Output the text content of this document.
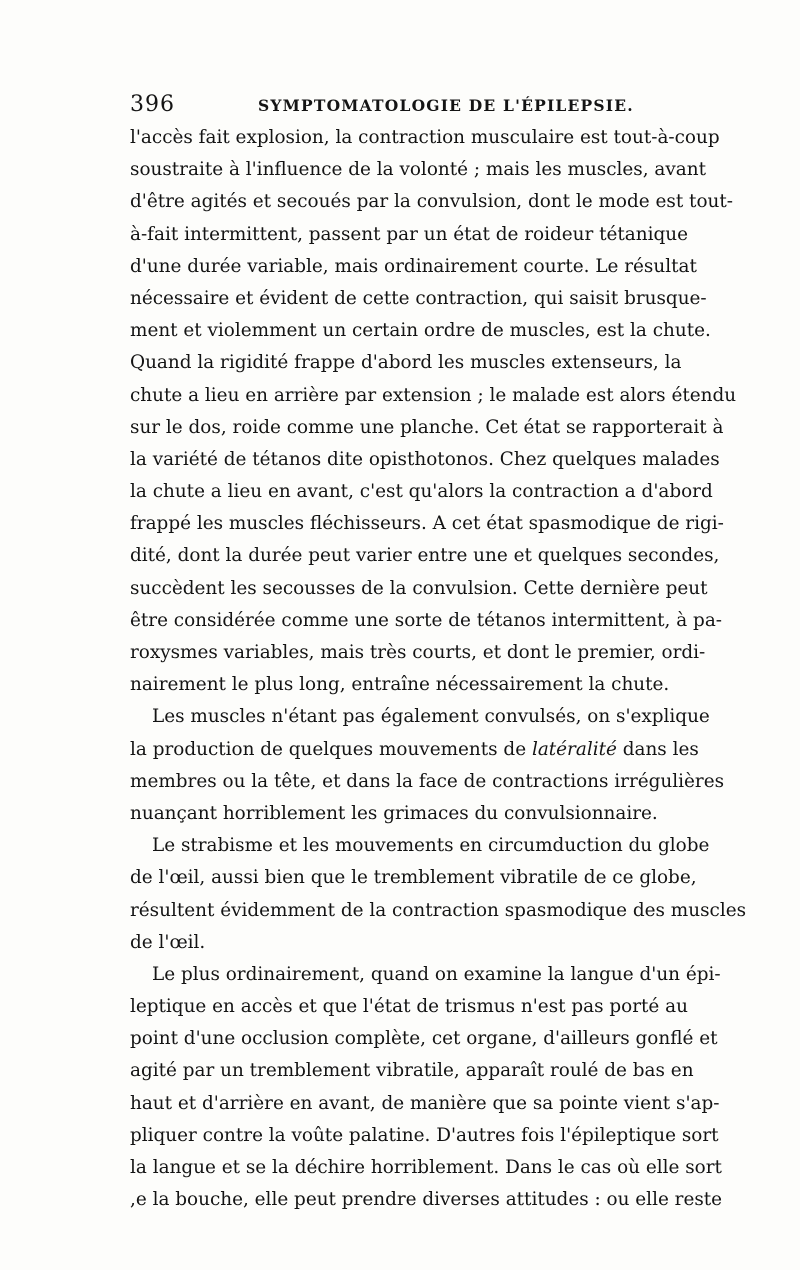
396	SYMPTOMATOLOGIE DE L'ÉPILEPSIE.
l'accès fait explosion, la contraction musculaire est tout-à-coup
soustraite à l'influence de la volonté ; mais les muscles, avant
d'être agités et secoués par la convulsion, dont le mode est tout-
à-fait intermittent, passent par un état de roideur tétanique
d'une durée variable, mais ordinairement courte. Le résultat
nécessaire et évident de cette contraction, qui saisit brusque-
ment et violemment un certain ordre de muscles, est la chute.
Quand la rigidité frappe d'abord les muscles extenseurs, la
chute a lieu en arrière par extension ; le malade est alors étendu
sur le dos, roide comme une planche. Cet état se rapporterait à
la variété de tétanos dite opisthotonos. Chez quelques malades
la chute a lieu en avant, c'est qu'alors la contraction a d'abord
frappé les muscles fléchisseurs. A cet état spasmodique de rigi-
dité, dont la durée peut varier entre une et quelques secondes,
succèdent les secousses de la convulsion. Cette dernière peut
être considérée comme une sorte de tétanos intermittent, à pa-
roxysmes variables, mais très courts, et dont le premier, ordi-
nairement le plus long, entraîne nécessairement la chute.
Les muscles n'étant pas également convulsés, on s'explique
la production de quelques mouvements de latéralité dans les
membres ou la tête, et dans la face de contractions irrégulières
nuançant horriblement les grimaces du convulsionnaire.
Le strabisme et les mouvements en circumduction du globe
de l'œil, aussi bien que le tremblement vibratile de ce globe,
résultent évidemment de la contraction spasmodique des muscles
de l'œil.
Le plus ordinairement, quand on examine la langue d'un épi-
leptique en accès et que l'état de trismus n'est pas porté au
point d'une occlusion complète, cet organe, d'ailleurs gonflé et
agité par un tremblement vibratile, apparaît roulé de bas en
haut et d'arrière en avant, de manière que sa pointe vient s'ap-
pliquer contre la voûte palatine. D'autres fois l'épileptique sort
la langue et se la déchire horriblement. Dans le cas où elle sort
,e la bouche, elle peut prendre diverses attitudes : ou elle reste
